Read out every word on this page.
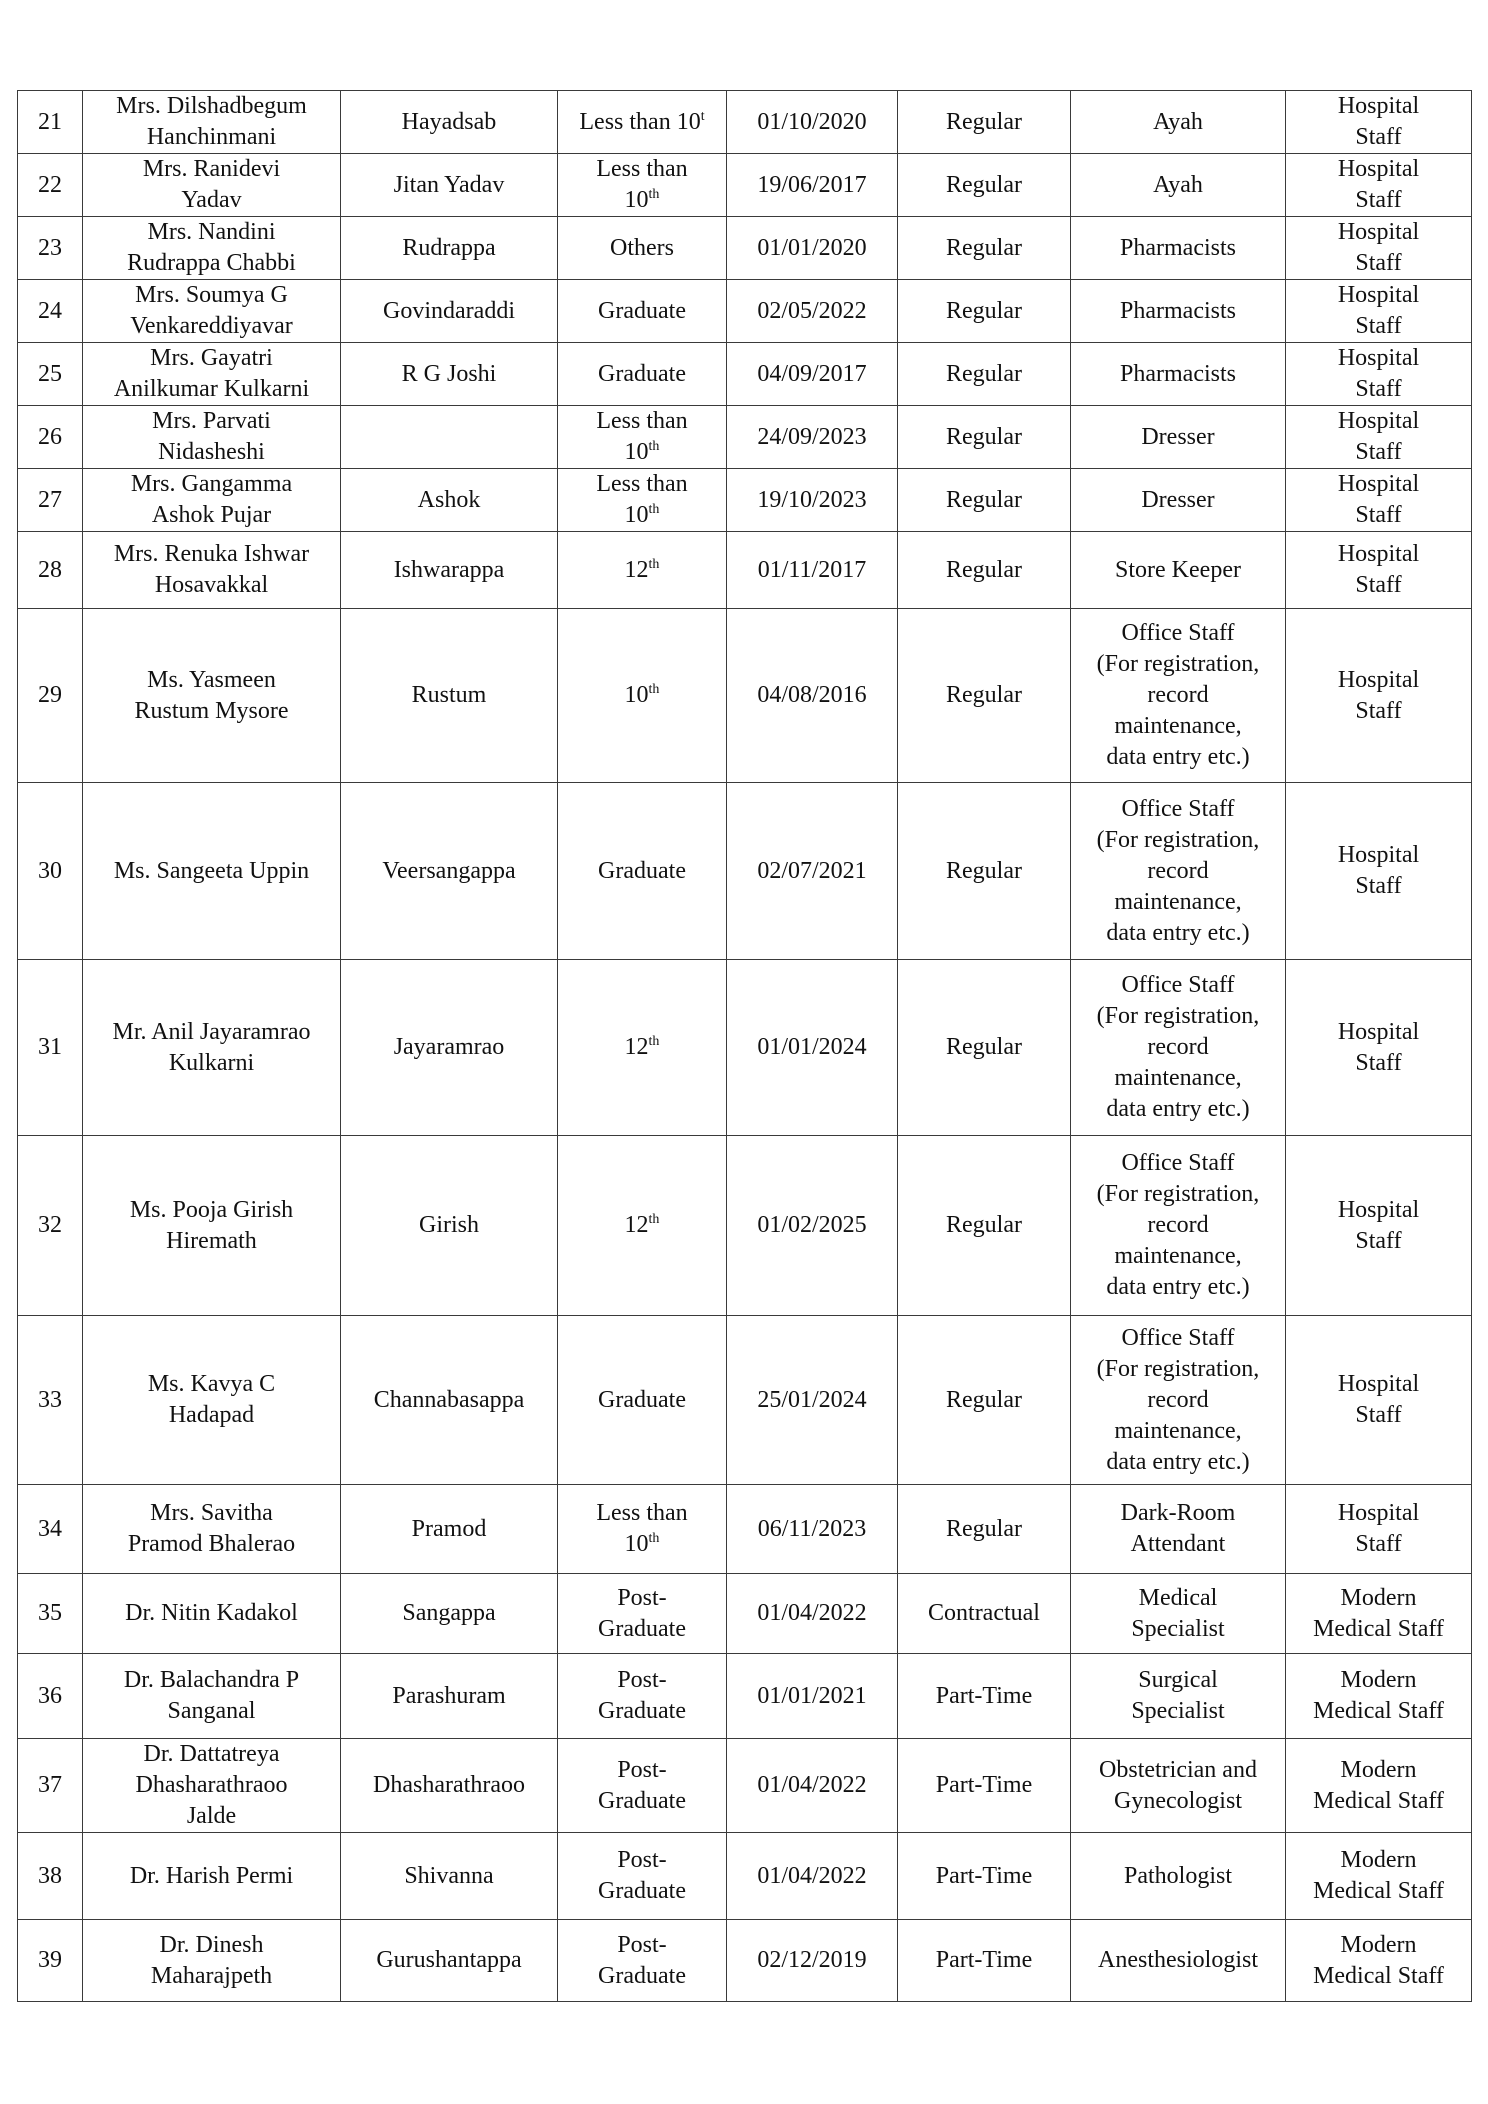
21	Mrs. Dilshadbegum
Hanchinmani	Hayadsab	Less than 10$^t$	01/10/2020	Regular	Ayah	Hospital
Staff
22	Mrs. Ranidevi
Yadav	Jitan Yadav	Less than
10th	19/06/2017	Regular	Ayah	Hospital
Staff
23	Mrs. Nandini
Rudrappa Chabbi	Rudrappa	Others	01/01/2020	Regular	Pharmacists	Hospital
Staff
24	Mrs. Soumya G
Venkareddiyavar	Govindaraddi	Graduate	02/05/2022	Regular	Pharmacists	Hospital
Staff
25	Mrs. Gayatri
Anilkumar Kulkarni	R G Joshi	Graduate	04/09/2017	Regular	Pharmacists	Hospital
Staff
26	Mrs. Parvati
Nidasheshi		Less than
10th	24/09/2023	Regular	Dresser	Hospital
Staff
27	Mrs. Gangamma
Ashok Pujar	Ashok	Less than
10th	19/10/2023	Regular	Dresser	Hospital
Staff
28	Mrs. Renuka Ishwar
Hosavakkal	Ishwarappa	12th	01/11/2017	Regular	Store Keeper	Hospital
Staff
29	Ms. Yasmeen
Rustum Mysore	Rustum	10th	04/08/2016	Regular	Office Staff
(For registration,
record
maintenance,
data entry etc.)	Hospital
Staff
30	Ms. Sangeeta Uppin	Veersangappa	Graduate	02/07/2021	Regular	Office Staff
(For registration,
record
maintenance,
data entry etc.)	Hospital
Staff
31	Mr. Anil Jayaramrao
Kulkarni	Jayaramrao	12th	01/01/2024	Regular	Office Staff
(For registration,
record
maintenance,
data entry etc.)	Hospital
Staff
32	Ms. Pooja Girish
Hiremath	Girish	12th	01/02/2025	Regular	Office Staff
(For registration,
record
maintenance,
data entry etc.)	Hospital
Staff
33	Ms. Kavya C
Hadapad	Channabasappa	Graduate	25/01/2024	Regular	Office Staff
(For registration,
record
maintenance,
data entry etc.)	Hospital
Staff
34	Mrs. Savitha
Pramod Bhalerao	Pramod	Less than
10th	06/11/2023	Regular	Dark-Room
Attendant	Hospital
Staff
35	Dr. Nitin Kadakol	Sangappa	Post-
Graduate	01/04/2022	Contractual	Medical
Specialist	Modern
Medical Staff
36	Dr. Balachandra P
Sanganal	Parashuram	Post-
Graduate	01/01/2021	Part-Time	Surgical
Specialist	Modern
Medical Staff
37	Dr. Dattatreya
Dhasharathraoo
Jalde	Dhasharathraoo	Post-
Graduate	01/04/2022	Part-Time	Obstetrician and
Gynecologist	Modern
Medical Staff
38	Dr. Harish Permi	Shivanna	Post-
Graduate	01/04/2022	Part-Time	Pathologist	Modern
Medical Staff
39	Dr. Dinesh
Maharajpeth	Gurushantappa	Post-
Graduate	02/12/2019	Part-Time	Anesthesiologist	Modern
Medical Staff
